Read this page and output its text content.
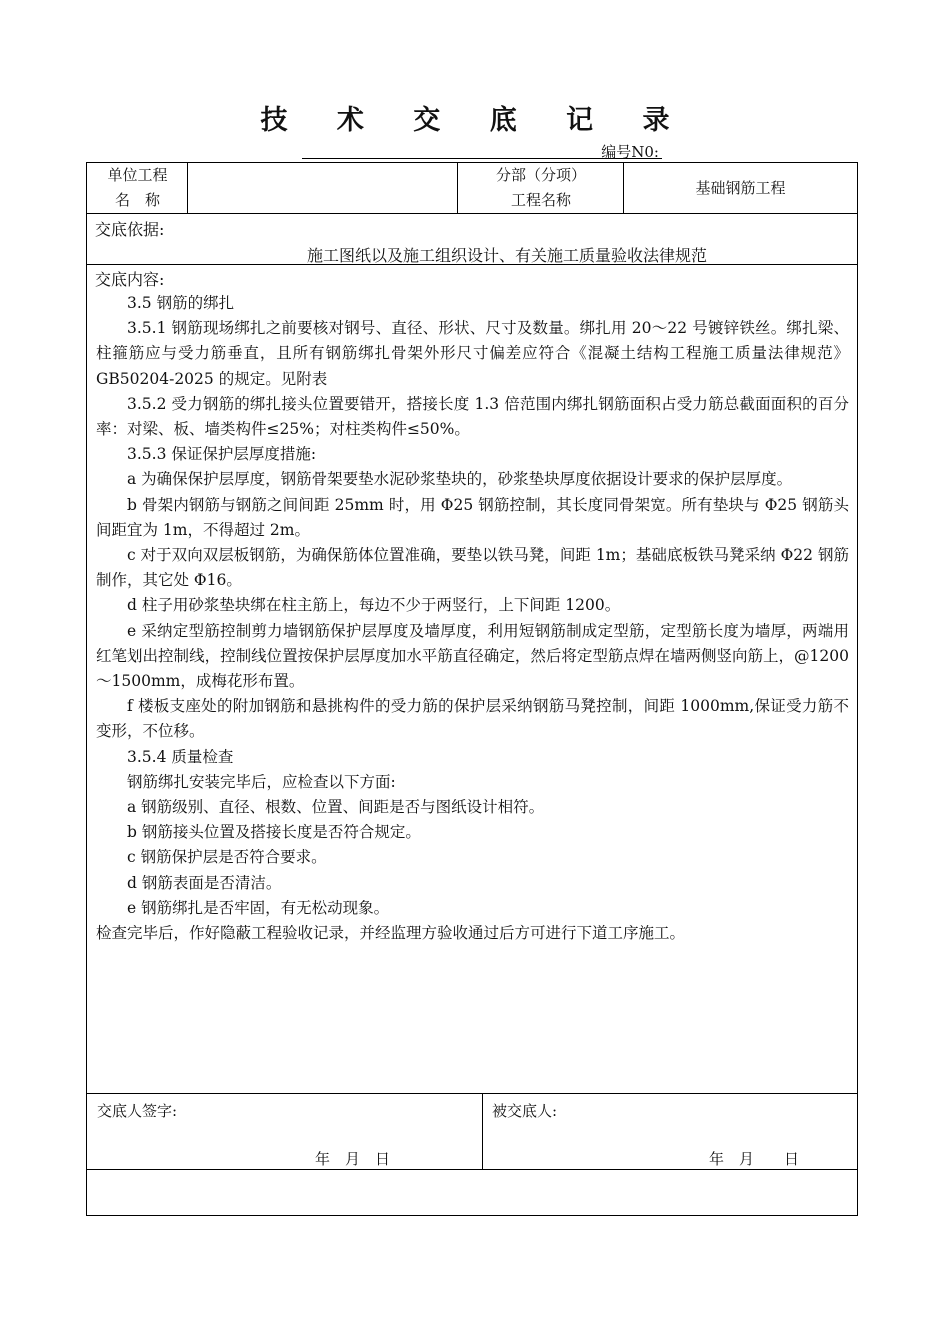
技 术 交 底 记 录
编号N0:
单位工程
名　称
分部（分项）
工程名称
基础钢筋工程
交底依据:
施工图纸以及施工组织设计、有关施工质量验收法律规范
交底内容:

3.5 钢筋的绑扎

3.5.1 钢筋现场绑扎之前要核对钢号、直径、形状、尺寸及数量。绑扎用 20～22 号镀锌铁丝。绑扎梁、柱箍筋应与受力筋垂直，且所有钢筋绑扎骨架外形尺寸偏差应符合《混凝土结构工程施工质量法律规范》GB50204-2025 的规定。见附表

3.5.2 受力钢筋的绑扎接头位置要错开，搭接长度 1.3 倍范围内绑扎钢筋面积占受力筋总截面面积的百分率：对梁、板、墙类构件≤25%；对柱类构件≤50%。

3.5.3 保证保护层厚度措施:

a 为确保保护层厚度，钢筋骨架要垫水泥砂浆垫块的，砂浆垫块厚度依据设计要求的保护层厚度。

b 骨架内钢筋与钢筋之间间距 25mm 时，用 Φ25 钢筋控制，其长度同骨架宽。所有垫块与 Φ25 钢筋头间距宜为 1m，不得超过 2m。

c 对于双向双层板钢筋，为确保筋体位置准确，要垫以铁马凳，间距 1m；基础底板铁马凳采纳 Φ22 钢筋制作，其它处 Φ16。

d 柱子用砂浆垫块绑在柱主筋上，每边不少于两竖行，上下间距 1200。

e 采纳定型筋控制剪力墙钢筋保护层厚度及墙厚度，利用短钢筋制成定型筋，定型筋长度为墙厚，两端用红笔划出控制线，控制线位置按保护层厚度加水平筋直径确定，然后将定型筋点焊在墙两侧竖向筋上，@1200～1500mm，成梅花形布置。

f 楼板支座处的附加钢筋和悬挑构件的受力筋的保护层采纳钢筋马凳控制，间距 1000mm,保证受力筋不变形，不位移。

3.5.4 质量检查

钢筋绑扎安装完毕后，应检查以下方面:

a 钢筋级别、直径、根数、位置、间距是否与图纸设计相符。

b 钢筋接头位置及搭接长度是否符合规定。

c 钢筋保护层是否符合要求。

d 钢筋表面是否清洁。

e 钢筋绑扎是否牢固，有无松动现象。

检查完毕后，作好隐蔽工程验收记录，并经监理方验收通过后方可进行下道工序施工。

交底人签字:
年　月　日
被交底人:
年　月　　日
